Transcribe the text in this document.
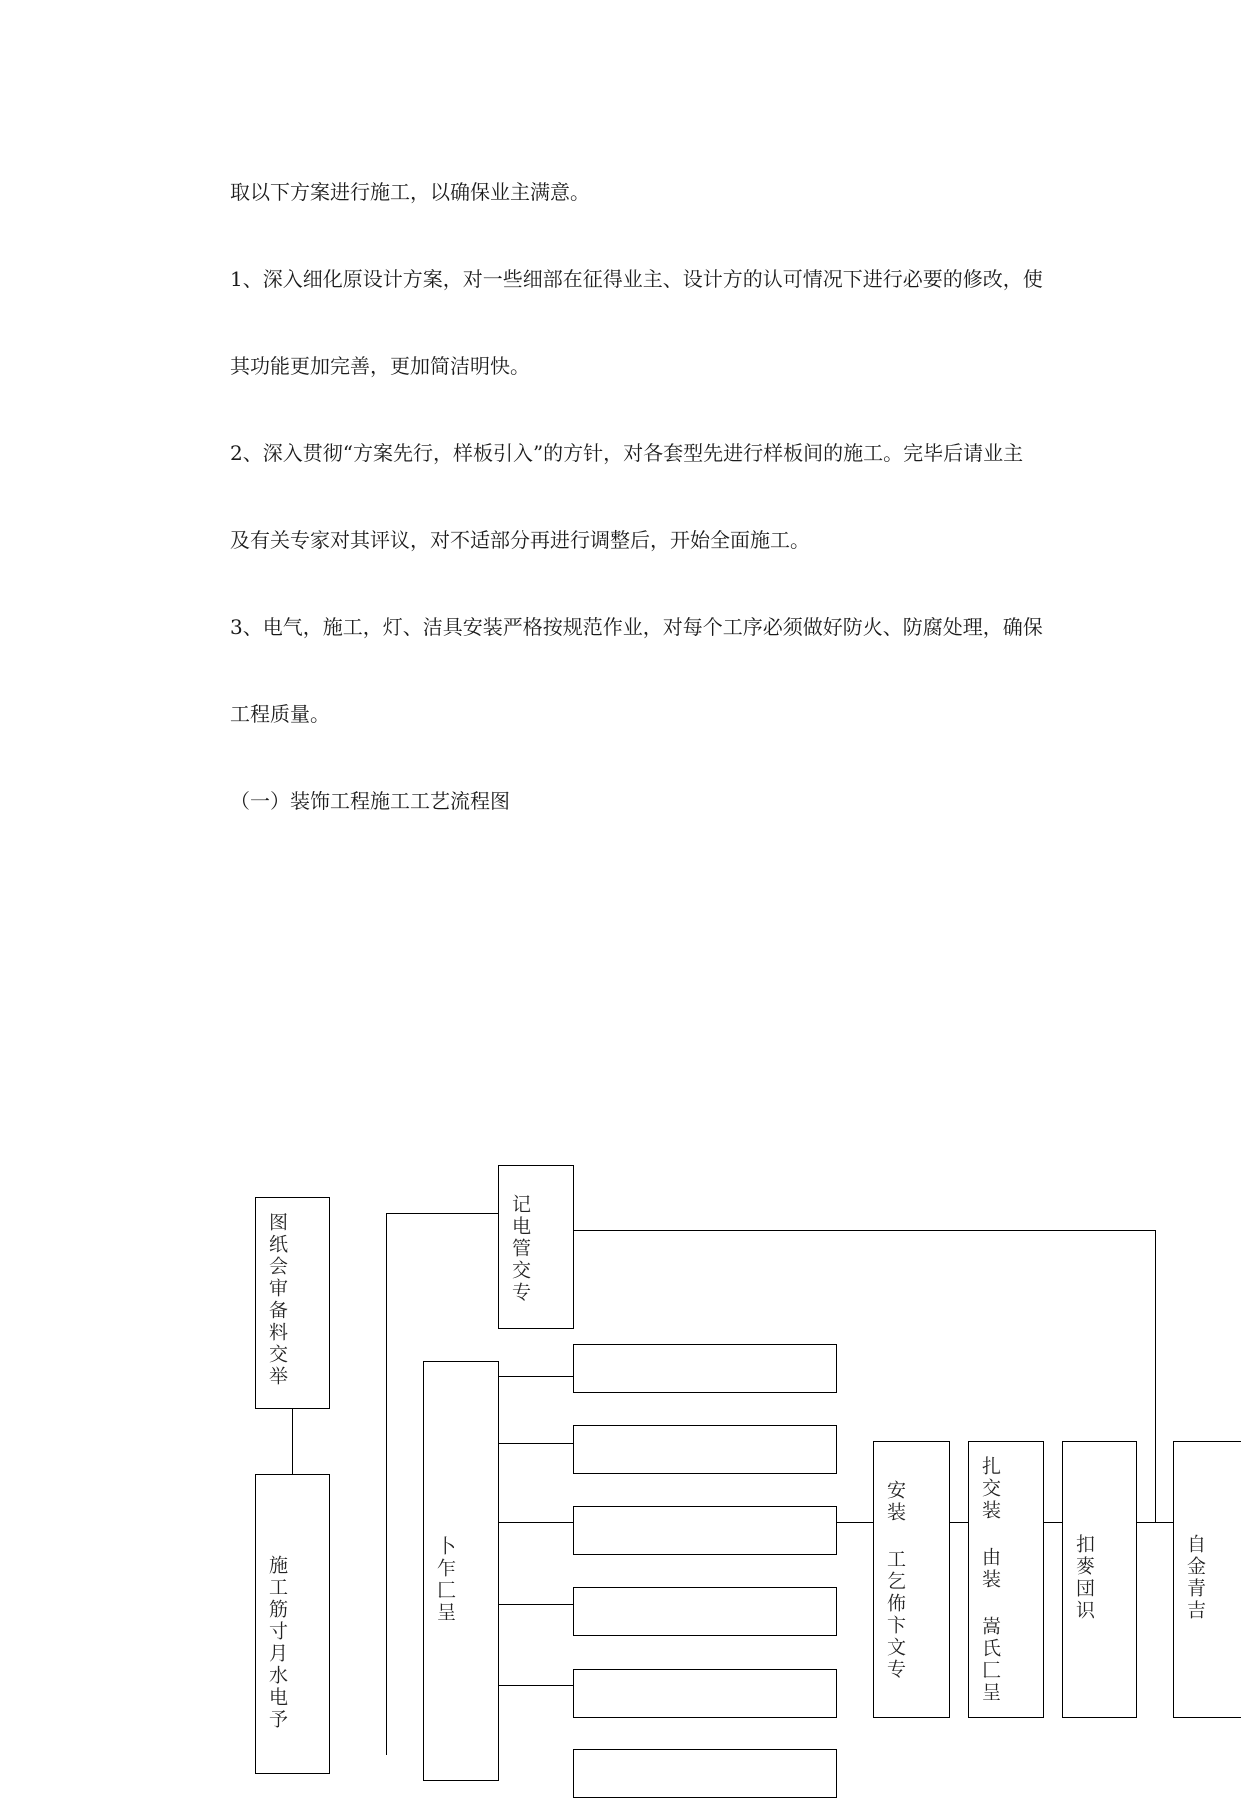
取以下方案进行施工，以确保业主满意。

1、深入细化原设计方案，对一些细部在征得业主、设计方的认可情况下进行必要的修改，使

其功能更加完善，更加简洁明快。

2、深入贯彻“方案先行，样板引入”的方针，对各套型先进行样板间的施工。完毕后请业主

及有关专家对其评议，对不适部分再进行调整后，开始全面施工。

3、电气，施工，灯、洁具安装严格按规范作业，对每个工序必须做好防火、防腐处理，确保

工程质量。

（一）装饰工程施工工艺流程图

图纸会审备料交举
施工筋寸月水电予
记电管交专
卜乍匚呈	安装 工乞佈卞文专	扎交装 由装 嵩氏匚呈	扣麥団识	自金青吉
